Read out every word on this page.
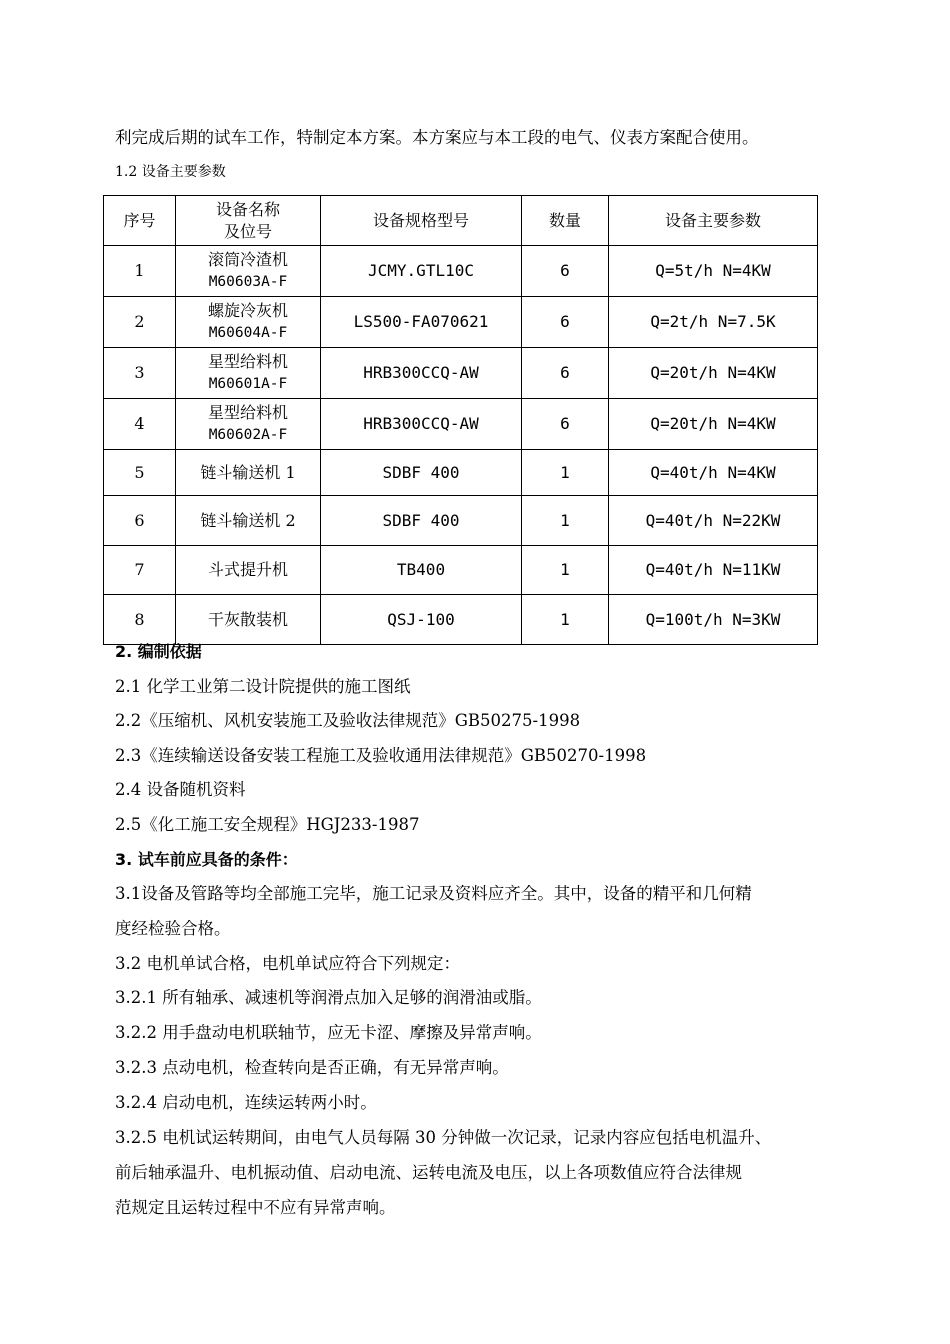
利完成后期的试车工作，特制定本方案。本方案应与本工段的电气、仪表方案配合使用。
1.2 设备主要参数
序号	设备名称
及位号	设备规格型号	数量	设备主要参数
1	滚筒冷渣机
M60603A-F	JCMY.GTL10C	6	Q=5t/h N=4KW
2	螺旋冷灰机
M60604A-F	LS500-FA070621	6	Q=2t/h N=7.5K
3	星型给料机
M60601A-F	HRB300CCQ-AW	6	Q=20t/h N=4KW
4	星型给料机
M60602A-F	HRB300CCQ-AW	6	Q=20t/h N=4KW
5	链斗输送机 1	SDBF 400	1	Q=40t/h N=4KW
6	链斗输送机 2	SDBF 400	1	Q=40t/h N=22KW
7	斗式提升机	TB400	1	Q=40t/h N=11KW
8	干灰散装机	QSJ-100	1	Q=100t/h N=3KW
2. 编制依据
2.1 化学工业第二设计院提供的施工图纸
2.2《压缩机、风机安装施工及验收法律规范》GB50275-1998
2.3《连续输送设备安装工程施工及验收通用法律规范》GB50270-1998
2.4 设备随机资料
2.5《化工施工安全规程》HGJ233-1987
3. 试车前应具备的条件：
3.1设备及管路等均全部施工完毕，施工记录及资料应齐全。其中，设备的精平和几何精
度经检验合格。
3.2 电机单试合格，电机单试应符合下列规定：
3.2.1 所有轴承、减速机等润滑点加入足够的润滑油或脂。
3.2.2 用手盘动电机联轴节，应无卡涩、摩擦及异常声响。
3.2.3 点动电机，检查转向是否正确，有无异常声响。
3.2.4 启动电机，连续运转两小时。
3.2.5 电机试运转期间，由电气人员每隔 30 分钟做一次记录，记录内容应包括电机温升、
前后轴承温升、电机振动值、启动电流、运转电流及电压，以上各项数值应符合法律规
范规定且运转过程中不应有异常声响。
